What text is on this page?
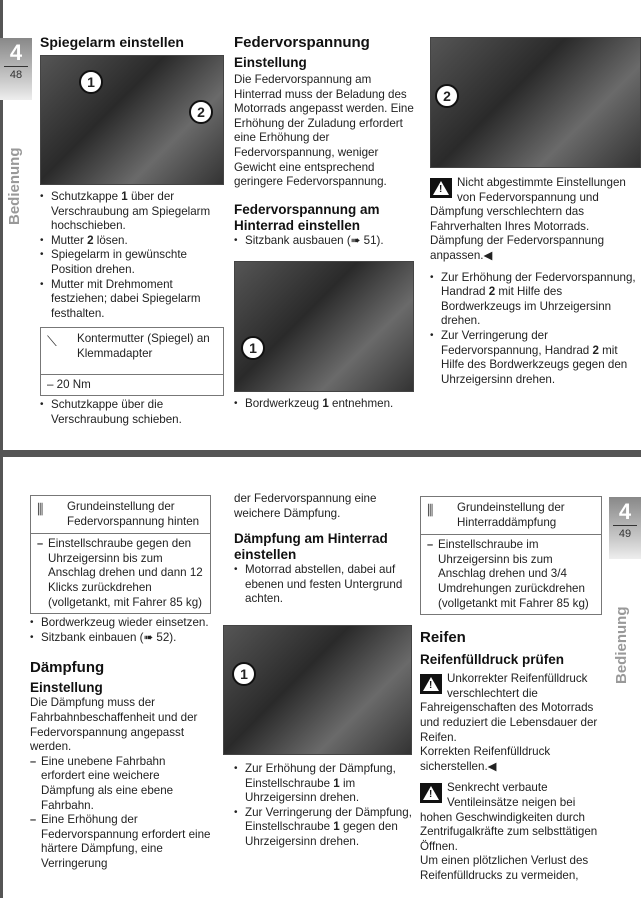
4
48
Bedienung
Spiegelarm einstellen
1
2
• Schutzkappe 1 über der Verschraubung am Spiegelarm hochschieben.
• Mutter 2 lösen.
• Spiegelarm in gewünschte Position drehen.
• Mutter mit Drehmoment festziehen; dabei Spiegelarm festhalten.
⟍ Kontermutter (Spiegel) an Klemmadapter
– 20 Nm
• Schutzkappe über die Verschraubung schieben.
Federvorspannung
Einstellung

Die Federvorspannung am Hinterrad muss der Beladung des Motorrads angepasst werden. Eine Erhöhung der Zuladung erfordert eine Erhöhung der Federvorspannung, weniger Gewicht eine entsprechend geringere Federvorspannung.

Federvorspannung am Hinterrad einstellen
• Sitzbank ausbauen (➠ 51).
1
• Bordwerkzeug 1 entnehmen.
2
!

Nicht abgestimmte Einstellungen von Federvorspannung und Dämpfung verschlechtern das Fahrverhalten Ihres Motorrads.

Dämpfung der Federvorspannung anpassen.◀

• Zur Erhöhung der Federvorspannung, Handrad 2 mit Hilfe des Bordwerkzeugs im Uhrzeigersinn drehen.
• Zur Verringerung der Federvorspannung, Handrad 2 mit Hilfe des Bordwerkzeugs gegen den Uhrzeigersinn drehen.
4
49
Bedienung
⫼ Grundeinstellung der Federvorspannung hinten
– Einstellschraube gegen den Uhrzeigersinn bis zum Anschlag drehen und dann 12 Klicks zurückdrehen (vollgetankt, mit Fahrer 85 kg)
• Bordwerkzeug wieder einsetzen.
• Sitzbank einbauen (➠ 52).
Dämpfung
Einstellung

Die Dämpfung muss der Fahrbahnbeschaffenheit und der Federvorspannung angepasst werden.

– Eine unebene Fahrbahn erfordert eine weichere Dämpfung als eine ebene Fahrbahn.
– Eine Erhöhung der Federvorspannung erfordert eine härtere Dämpfung, eine Verringerung

der Federvorspannung eine weichere Dämpfung.

Dämpfung am Hinterrad einstellen
• Motorrad abstellen, dabei auf ebenen und festen Untergrund achten.
1
• Zur Erhöhung der Dämpfung, Einstellschraube 1 im Uhrzeigersinn drehen.
• Zur Verringerung der Dämpfung, Einstellschraube 1 gegen den Uhrzeigersinn drehen.
⫼ Grundeinstellung der Hinterraddämpfung
– Einstellschraube im Uhrzeigersinn bis zum Anschlag drehen und 3/4 Umdrehungen zurückdrehen (vollgetankt mit Fahrer 85 kg)
Reifen
Reifenfülldruck prüfen
!

Unkorrekter Reifenfülldruck verschlechtert die Fahreigenschaften des Motorrads und reduziert die Lebensdauer der Reifen.

Korrekten Reifenfülldruck sicherstellen.◀

!

Senkrecht verbaute Ventileinsätze neigen bei hohen Geschwindigkeiten durch Zentrifugalkräfte zum selbsttätigen Öffnen.

Um einen plötzlichen Verlust des Reifenfülldrucks zu vermeiden,
